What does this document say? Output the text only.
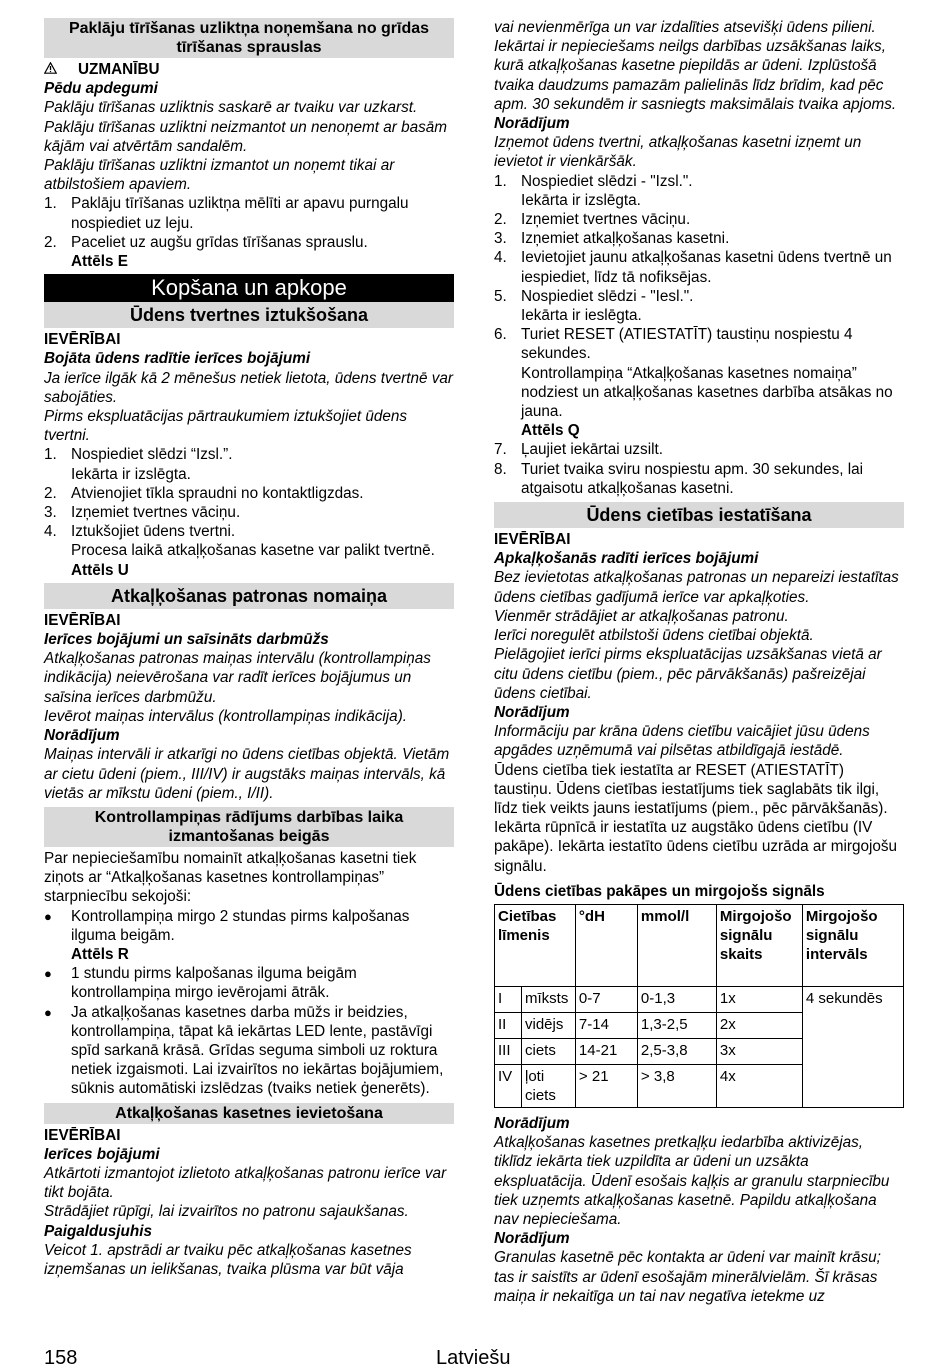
Paklāju tīrīšanas uzliktņa noņemšana no grīdas tīrīšanas sprauslas

UZMANĪBU

Pēdu apdegumi

Paklāju tīrīšanas uzliktnis saskarē ar tvaiku var uzkarst.

Paklāju tīrīšanas uzliktni neizmantot un nenoņemt ar basām kājām vai atvērtām sandalēm.

Paklāju tīrīšanas uzliktni izmantot un noņemt tikai ar atbilstošiem apaviem.

1. Paklāju tīrīšanas uzliktņa mēlīti ar apavu purngalu nospiediet uz leju.
2. Paceliet uz augšu grīdas tīrīšanas sprauslu.

Attēls E

Kopšana un apkope
Ūdens tvertnes iztukšošana

IEVĒRĪBAI

Bojāta ūdens radītie ierīces bojājumi

Ja ierīce ilgāk kā 2 mēnešus netiek lietota, ūdens tvertnē var sabojāties.

Pirms ekspluatācijas pārtraukumiem iztukšojiet ūdens tvertni.

1. Nospiediet slēdzi “Izsl.”.
Iekārta ir izslēgta.
2. Atvienojiet tīkla spraudni no kontaktligzdas.
3. Izņemiet tvertnes vāciņu.
4. Iztukšojiet ūdens tvertni.
Procesa laikā atkaļķošanas kasetne var palikt tvertnē.

Attēls U

Atkaļķošanas patronas nomaiņa

IEVĒRĪBAI

Ierīces bojājumi un saīsināts darbmūžs

Atkaļķošanas patronas maiņas intervālu (kontrollampiņas indikācija) neievērošana var radīt ierīces bojājumus un saīsina ierīces darbmūžu.

Ievērot maiņas intervālus (kontrollampiņas indikācija).

Norādījum

Maiņas intervāli ir atkarīgi no ūdens cietības objektā. Vietām ar cietu ūdeni (piem., III/IV) ir augstāks maiņas intervāls, kā vietās ar mīkstu ūdeni (piem., I/II).

Kontrollampiņas rādījums darbības laika izmantošanas beigās

Par nepieciešamību nomainīt atkaļķošanas kasetni tiek ziņots ar “Atkaļķošanas kasetnes kontrollampiņas” starpniecību sekojoši:

● Kontrollampiņa mirgo 2 stundas pirms kalpošanas ilguma beigām.

Attēls R

● 1 stundu pirms kalpošanas ilguma beigām kontrollampiņa mirgo ievērojami ātrāk.
● Ja atkaļķošanas kasetnes darba mūžs ir beidzies, kontrollampiņa, tāpat kā iekārtas LED lente, pastāvīgi spīd sarkanā krāsā. Grīdas seguma simboli uz roktura netiek izgaismoti. Lai izvairītos no iekārtas bojājumiem, sūknis automātiski izslēdzas (tvaiks netiek ģenerēts).
Atkaļķošanas kasetnes ievietošana

IEVĒRĪBAI

Ierīces bojājumi

Atkārtoti izmantojot izlietoto atkaļķošanas patronu ierīce var tikt bojāta.

Strādājiet rūpīgi, lai izvairītos no patronu sajaukšanas.

Paigaldusjuhis

Veicot 1. apstrādi ar tvaiku pēc atkaļķošanas kasetnes izņemšanas un ielikšanas, tvaika plūsma var būt vāja

vai nevienmērīga un var izdalīties atsevišķi ūdens pilieni. Iekārtai ir nepieciešams neilgs darbības uzsākšanas laiks, kurā atkaļķošanas kasetne piepildās ar ūdeni. Izplūstošā tvaika daudzums pamazām palielinās līdz brīdim, kad pēc apm. 30 sekundēm ir sasniegts maksimālais tvaika apjoms.

Norādījum

Izņemot ūdens tvertni, atkaļķošanas kasetni izņemt un ievietot ir vienkāršāk.

1. Nospiediet slēdzi - "Izsl.".
Iekārta ir izslēgta.
2. Izņemiet tvertnes vāciņu.
3. Izņemiet atkaļķošanas kasetni.
4. Ievietojiet jaunu atkaļķošanas kasetni ūdens tvertnē un iespiediet, līdz tā nofiksējas.
5. Nospiediet slēdzi - "Iesl.".
Iekārta ir ieslēgta.
6. Turiet RESET (ATIESTATĪT) taustiņu nospiestu 4 sekundes.
Kontrollampiņa “Atkaļķošanas kasetnes nomaiņa” nodziest un atkaļķošanas kasetnes darbība atsākas no jauna.

Attēls Q

7. Ļaujiet iekārtai uzsilt.
8. Turiet tvaika sviru nospiestu apm. 30 sekundes, lai atgaisotu atkaļķošanas kasetni.
Ūdens cietības iestatīšana

IEVĒRĪBAI

Apkaļķošanās radīti ierīces bojājumi

Bez ievietotas atkaļķošanas patronas un nepareizi iestatītas ūdens cietības gadījumā ierīce var apkaļķoties.

Vienmēr strādājiet ar atkaļķošanas patronu.

Ierīci noregulēt atbilstoši ūdens cietībai objektā.

Pielāgojiet ierīci pirms ekspluatācijas uzsākšanas vietā ar citu ūdens cietību (piem., pēc pārvākšanās) pašreizējai ūdens cietībai.

Norādījum

Informāciju par krāna ūdens cietību vaicājiet jūsu ūdens apgādes uzņēmumā vai pilsētas atbildīgajā iestādē.

Ūdens cietība tiek iestatīta ar RESET (ATIESTATĪT) taustiņu. Ūdens cietības iestatījums tiek saglabāts tik ilgi, līdz tiek veikts jauns iestatījums (piem., pēc pārvākšanās). Iekārta rūpnīcā ir iestatīta uz augstāko ūdens cietību (IV pakāpe). Iekārta iestatīto ūdens cietību uzrāda ar mirgojošu signālu.

Ūdens cietības pakāpes un mirgojošs signāls

Cietības līmenis		°dH	mmol/l	Mirgojošo signālu skaits	Mirgojošo signālu intervāls
I	mīksts	0-7	0-1,3	1x	4 sekundēs
II	vidējs	7-14	1,3-2,5	2x	
III	ciets	14-21	2,5-3,8	3x	
IV	ļoti ciets	> 21	> 3,8	4x	

Norādījum

Atkaļķošanas kasetnes pretkaļķu iedarbība aktivizējas, tiklīdz iekārta tiek uzpildīta ar ūdeni un uzsākta ekspluatācija. Ūdenī esošais kaļķis ar granulu starpniecību tiek uzņemts atkaļķošanas kasetnē. Papildu atkaļķošana nav nepieciešama.

Norādījum

Granulas kasetnē pēc kontakta ar ūdeni var mainīt krāsu; tas ir saistīts ar ūdenī esošajām minerālvielām. Šī krāsas maiņa ir nekaitīga un tai nav negatīva ietekme uz

158	Latviešu
